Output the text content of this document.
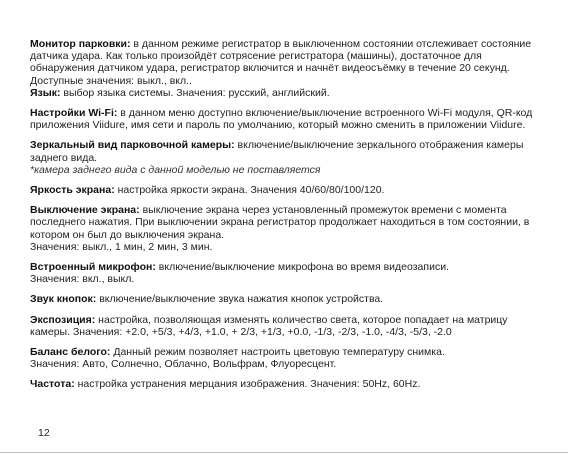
Монитор парковки: в данном режиме регистратор в выключенном состоянии отслеживает состояние датчика удара. Как только произойдёт сотрясение регистратора (машины), достаточное для обнаружения датчиком удара, регистратор включится и начнёт видеосъёмку в течение 20 секунд. Доступные значения: выкл., вкл..

Язык: выбор языка системы. Значения: русский, английский.

Настройки Wi-Fi: в данном меню доступно включение/выключение встроенного Wi-Fi модуля, QR-код приложения Viidure, имя сети и пароль по умолчанию, который можно сменить в приложении Viidure.

Зеркальный вид парковочной камеры: включение/выключение зеркального отображения камеры заднего вида.
*камера заднего вида с данной моделью не поставляется

Яркость экрана: настройка яркости экрана. Значения 40/60/80/100/120.

Выключение экрана: выключение экрана через установленный промежуток времени с момента последнего нажатия. При выключении экрана регистратор продолжает находиться в том состоянии, в котором он был до выключения экрана.
Значения: выкл., 1 мин, 2 мин, 3 мин.

Встроенный микрофон: включение/выключение микрофона во время видеозаписи.
Значения: вкл., выкл.

Звук кнопок: включение/выключение звука нажатия кнопок устройства.

Экспозиция: настройка, позволяющая изменять количество света, которое попадает на матрицу камеры. Значения: +2.0, +5/3, +4/3, +1.0, + 2/3, +1/3, +0.0, -1/3, -2/3, -1.0, -4/3, -5/3, -2.0

Баланс белого: Данный режим позволяет настроить цветовую температуру снимка.
Значения: Авто, Солнечно, Облачно, Вольфрам, Флуоресцент.

Частота: настройка устранения мерцания изображения. Значения: 50Hz, 60Hz.

12
